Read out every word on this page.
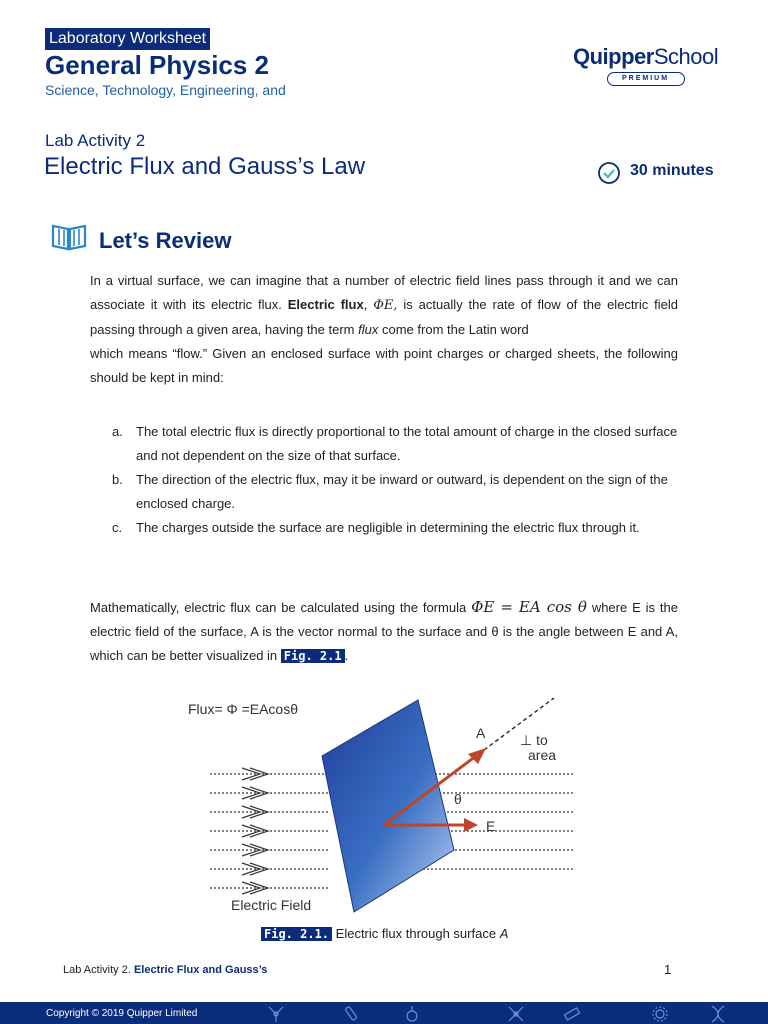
Laboratory Worksheet
General Physics 2
Science, Technology, Engineering, and
QuipperSchool
PREMIUM
Lab Activity 2
Electric Flux and Gauss’s Law	30 minutes
Let’s Review
In a virtual surface, we can imagine that a number of electric field lines pass through it and we can associate it with its electric flux. Electric flux, ΦE, is actually the rate of flow of the electric field passing through a given area, having the term flux come from the Latin word
which means “flow.” Given an enclosed surface with point charges or charged sheets, the following should be kept in mind:
a.	The total electric flux is directly proportional to the total amount of charge in the closed surface and not dependent on the size of that surface.
b.	The direction of the electric flux, may it be inward or outward, is dependent on the sign of the enclosed charge.
c.	The charges outside the surface are negligible in determining the electric flux through it.
Mathematically, electric flux can be calculated using the formula ΦE = EA cos θ where E is the electric field of the surface, A is the vector normal to the surface and θ is the angle between E and A, which can be better visualized in Fig. 2.1 .
Flux= Φ =EAcosθ
A ⊥ to
area
θ
E
Electric Field
Fig. 2.1. Electric flux through surface A
Lab Activity 2. Electric Flux and Gauss’s	1
Copyright © 2019 Quipper Limited
